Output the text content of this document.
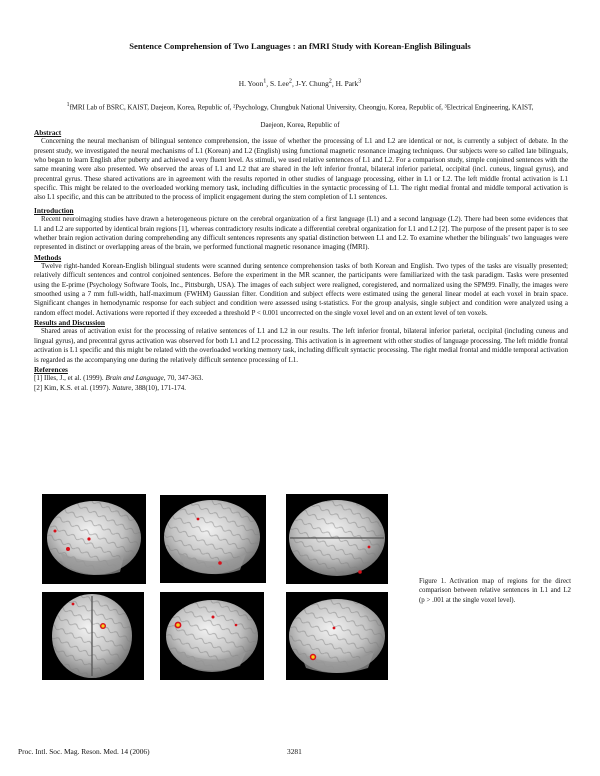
Sentence Comprehension of Two Languages : an fMRI Study with Korean-English Bilinguals
H. Yoon$^1$, S. Lee$^2$, J-Y. Chung$^2$, H. Park$^3$
$^1$fMRI Lab of BSRC, KAIST, Daejeon, Korea, Republic of, ²Psychology, Chungbuk National University, Cheongju, Korea, Republic of, ³Electrical Engineering, KAIST,
Daejeon, Korea, Republic of
Abstract

Concerning the neural mechanism of bilingual sentence comprehension, the issue of whether the processing of L1 and L2 are identical or not, is currently a subject of debate. In the present study, we investigated the neural mechanisms of L1 (Korean) and L2 (English) using functional magnetic resonance imaging techniques. Our subjects were so called late bilinguals, who began to learn English after puberty and achieved a very fluent level. As stimuli, we used relative sentences of L1 and L2. For a comparison study, simple conjoined sentences with the same meaning were also presented. We observed the areas of L1 and L2 that are shared in the left inferior frontal, bilateral inferior parietal, occipital (incl. cuneus, lingual gyrus), and precentral gyrus. These shared activations are in agreement with the results reported in other studies of language processing, either in L1 or L2. The left middle frontal activation is L1 specific. This might be related to the overloaded working memory task, including difficulties in the syntactic processing of L1. The right medial frontal and middle temporal activation is also L1 specific, and this can be attributed to the process of implicit engagement during the stem completion of L1 sentences.

Introduction

Recent neuroimaging studies have drawn a heterogeneous picture on the cerebral organization of a first language (L1) and a second language (L2). There had been some evidences that L1 and L2 are supported by identical brain regions [1], whereas contradictory results indicate a differential cerebral organization for L1 and L2 [2]. The purpose of the present paper is to see whether brain region activation during comprehending any difficult sentences represents any spatial distinction between L1 and L2. To examine whether the bilinguals’ two languages were represented in distinct or overlapping areas of the brain, we performed functional magnetic resonance imaging (fMRI).

Methods

Twelve right-handed Korean-English bilingual students were scanned during sentence comprehension tasks of both Korean and English. Two types of the tasks are visually presented; relatively difficult sentences and control conjoined sentences. Before the experiment in the MR scanner, the participants were familiarized with the task paradigm. Tasks were presented using the E-prime (Psychology Software Tools, Inc., Pittsburgh, USA). The images of each subject were realigned, coregistered, and normalized using the SPM99. Finally, the images were smoothed using a 7 mm full-width, half-maximum (FWHM) Gaussian filter. Condition and subject effects were estimated using the general linear model at each voxel in brain space. Significant changes in hemodynamic response for each subject and condition were assessed using t-statistics. For the group analysis, single subject and condition were analyzed using a random effect model. Activations were reported if they exceeded a threshold P < 0.001 uncorrected on the single voxel level and on an extent level of ten voxels.

Results and Discussion

Shared areas of activation exist for the processing of relative sentences of L1 and L2 in our results. The left inferior frontal, bilateral inferior parietal, occipital (including cuneus and lingual gyrus), and precentral gyrus activation was observed for both L1 and L2 processing. This activation is in agreement with other studies of language processing. The left middle frontal activation is L1 specific and this might be related with the overloaded working memory task, including difficult syntactic processing. The right medial frontal and middle temporal activation is regarded as the accompanying one during the relatively difficult sentence processing of L1.

References
[1] Illes, J., et al. (1999). Brain and Language, 70, 347-363.
[2] Kim, K.S. et al. (1997). Nature, 388(10), 171-174.
Figure 1. Activation map of regions for the direct comparison between relative sentences in L1 and L2 (p > .001 at the single voxel level).
Proc. Intl. Soc. Mag. Reson. Med. 14 (2006)	3281
